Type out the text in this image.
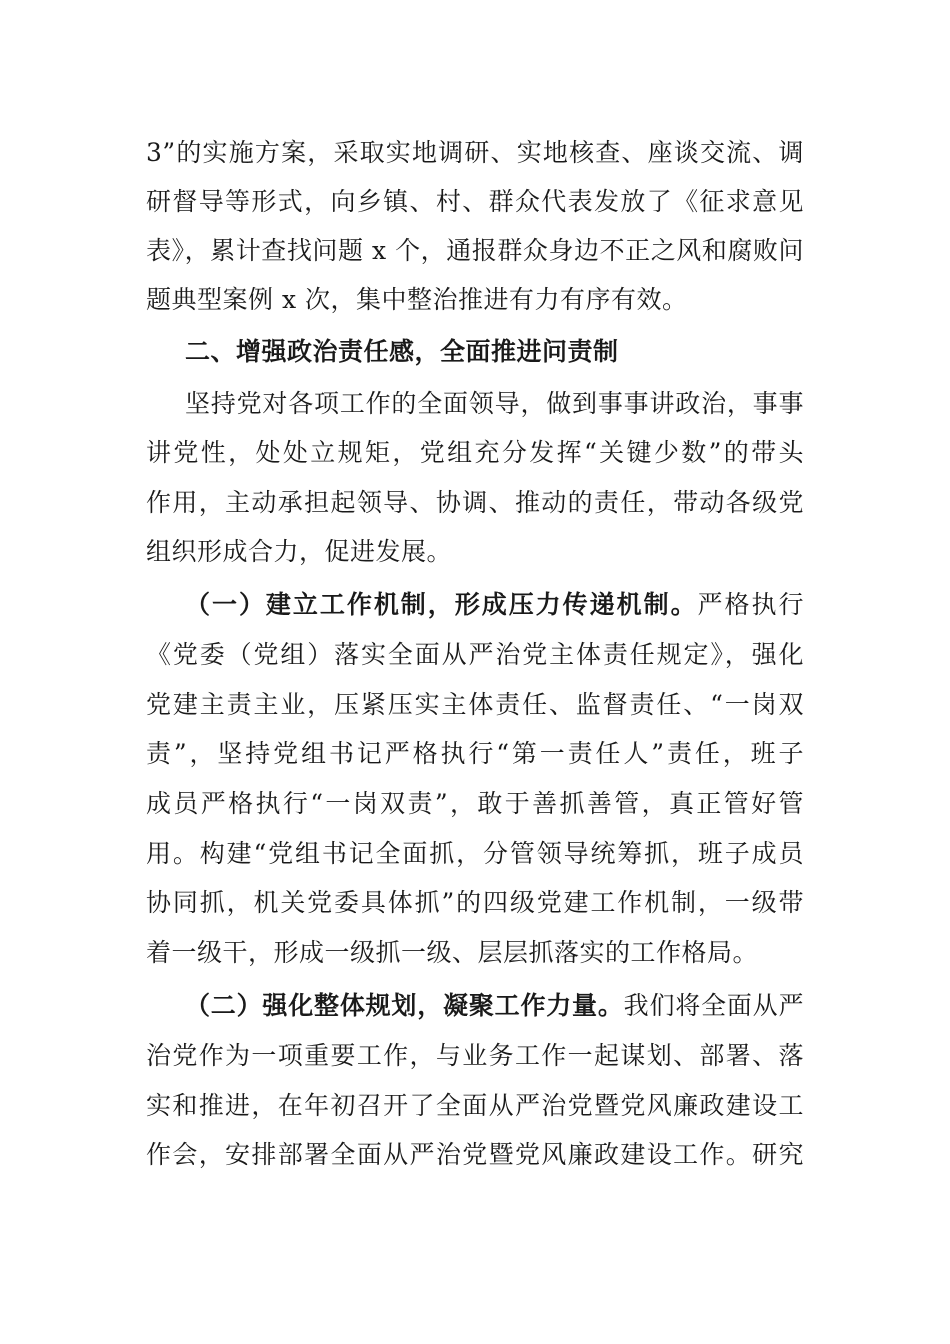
3”的实施方案，采取实地调研、实地核查、座谈交流、调
研督导等形式，向乡镇、村、群众代表发放了《征求意见
表》，累计查找问题 x 个，通报群众身边不正之风和腐败问
题典型案例 x 次，集中整治推进有力有序有效。
二、增强政治责任感，全面推进问责制
坚持党对各项工作的全面领导，做到事事讲政治，事事
讲党性，处处立规矩，党组充分发挥“关键少数”的带头
作用，主动承担起领导、协调、推动的责任，带动各级党
组织形成合力，促进发展。
（一）建立工作机制，形成压力传递机制。严格执行
《党委（党组）落实全面从严治党主体责任规定》，强化
党建主责主业，压紧压实主体责任、监督责任、“一岗双
责”，坚持党组书记严格执行“第一责任人”责任，班子
成员严格执行“一岗双责”，敢于善抓善管，真正管好管
用。构建“党组书记全面抓，分管领导统筹抓，班子成员
协同抓，机关党委具体抓”的四级党建工作机制，一级带
着一级干，形成一级抓一级、层层抓落实的工作格局。
（二）强化整体规划，凝聚工作力量。我们将全面从严
治党作为一项重要工作，与业务工作一起谋划、部署、落
实和推进，在年初召开了全面从严治党暨党风廉政建设工
作会，安排部署全面从严治党暨党风廉政建设工作。研究
